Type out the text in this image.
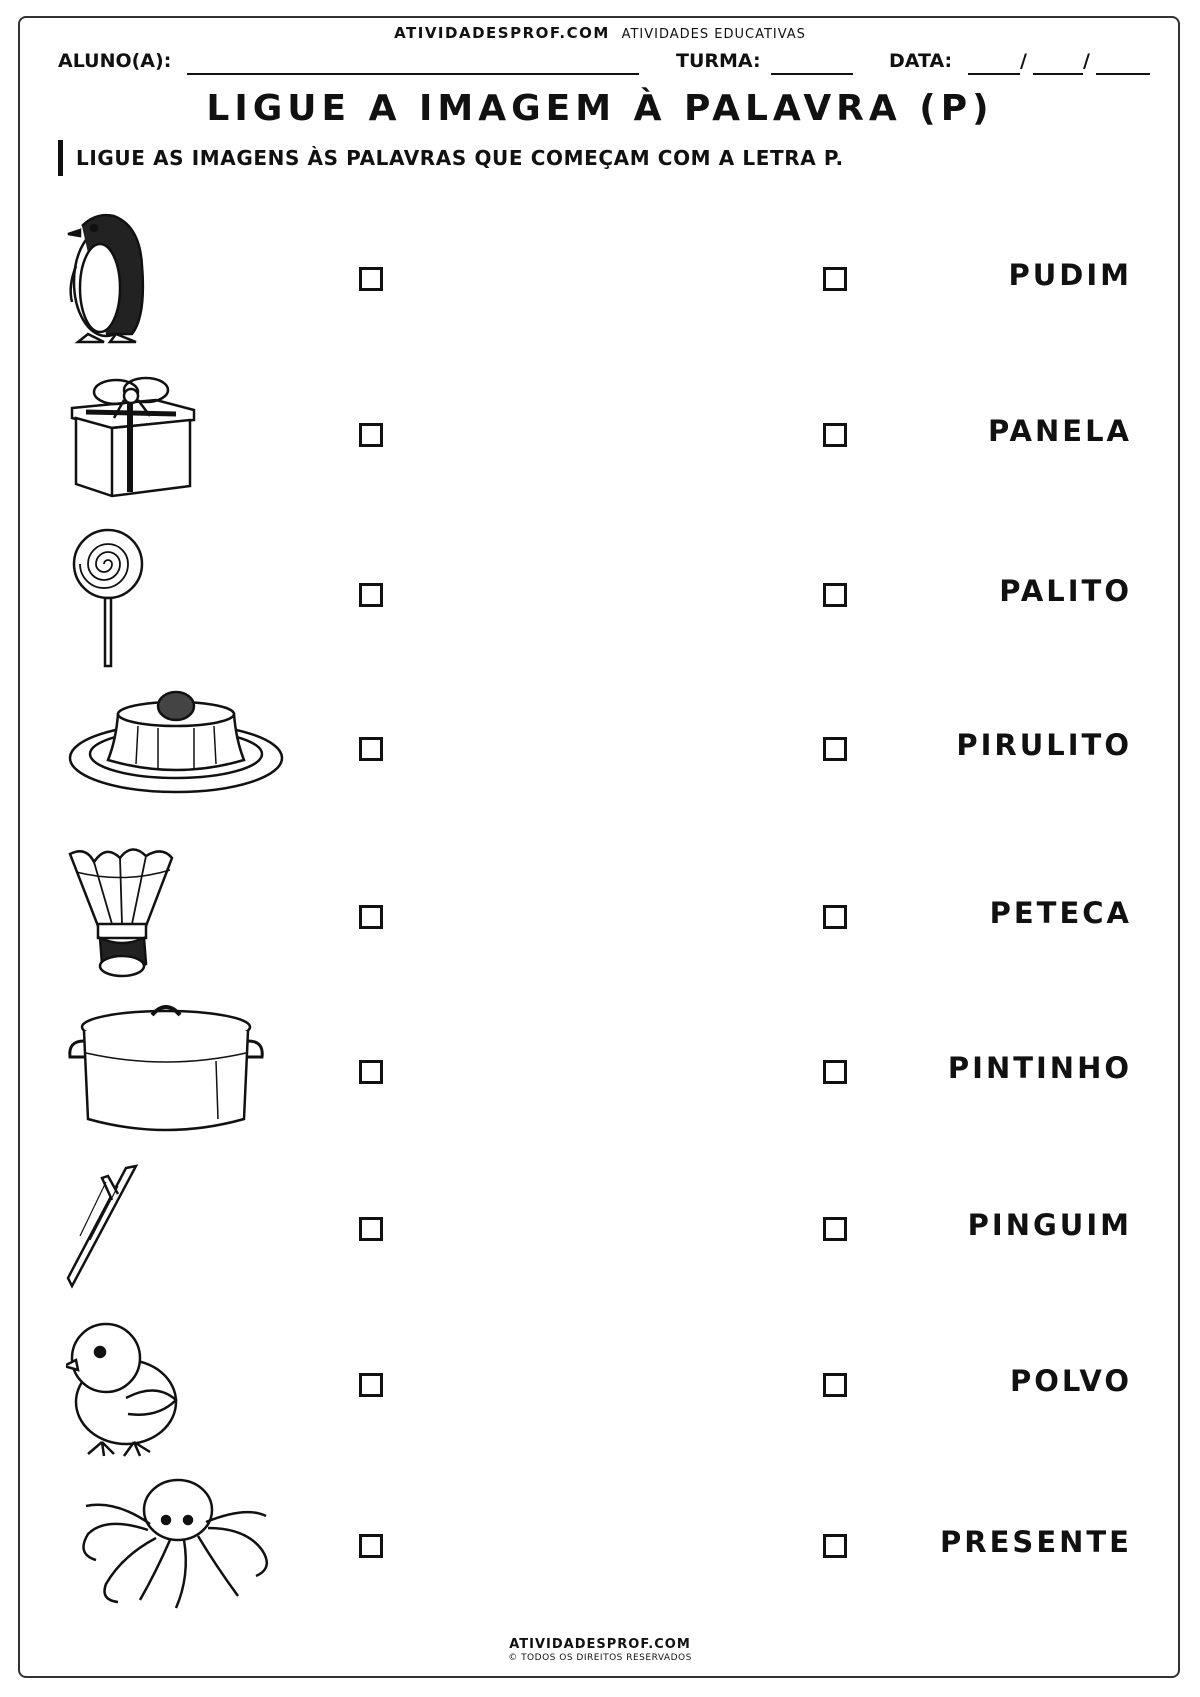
ATIVIDADESPROF.COM ATIVIDADES EDUCATIVAS
ALUNO(A):	TURMA:	DATA:	/	/
LIGUE A IMAGEM À PALAVRA (P)
LIGUE AS IMAGENS ÀS PALAVRAS QUE COMEÇAM COM A LETRA P.
PUDIM
PANELA
PALITO
PIRULITO
PETECA
PINTINHO
PINGUIM
POLVO
PRESENTE
ATIVIDADESPROF.COM
© TODOS OS DIREITOS RESERVADOS
